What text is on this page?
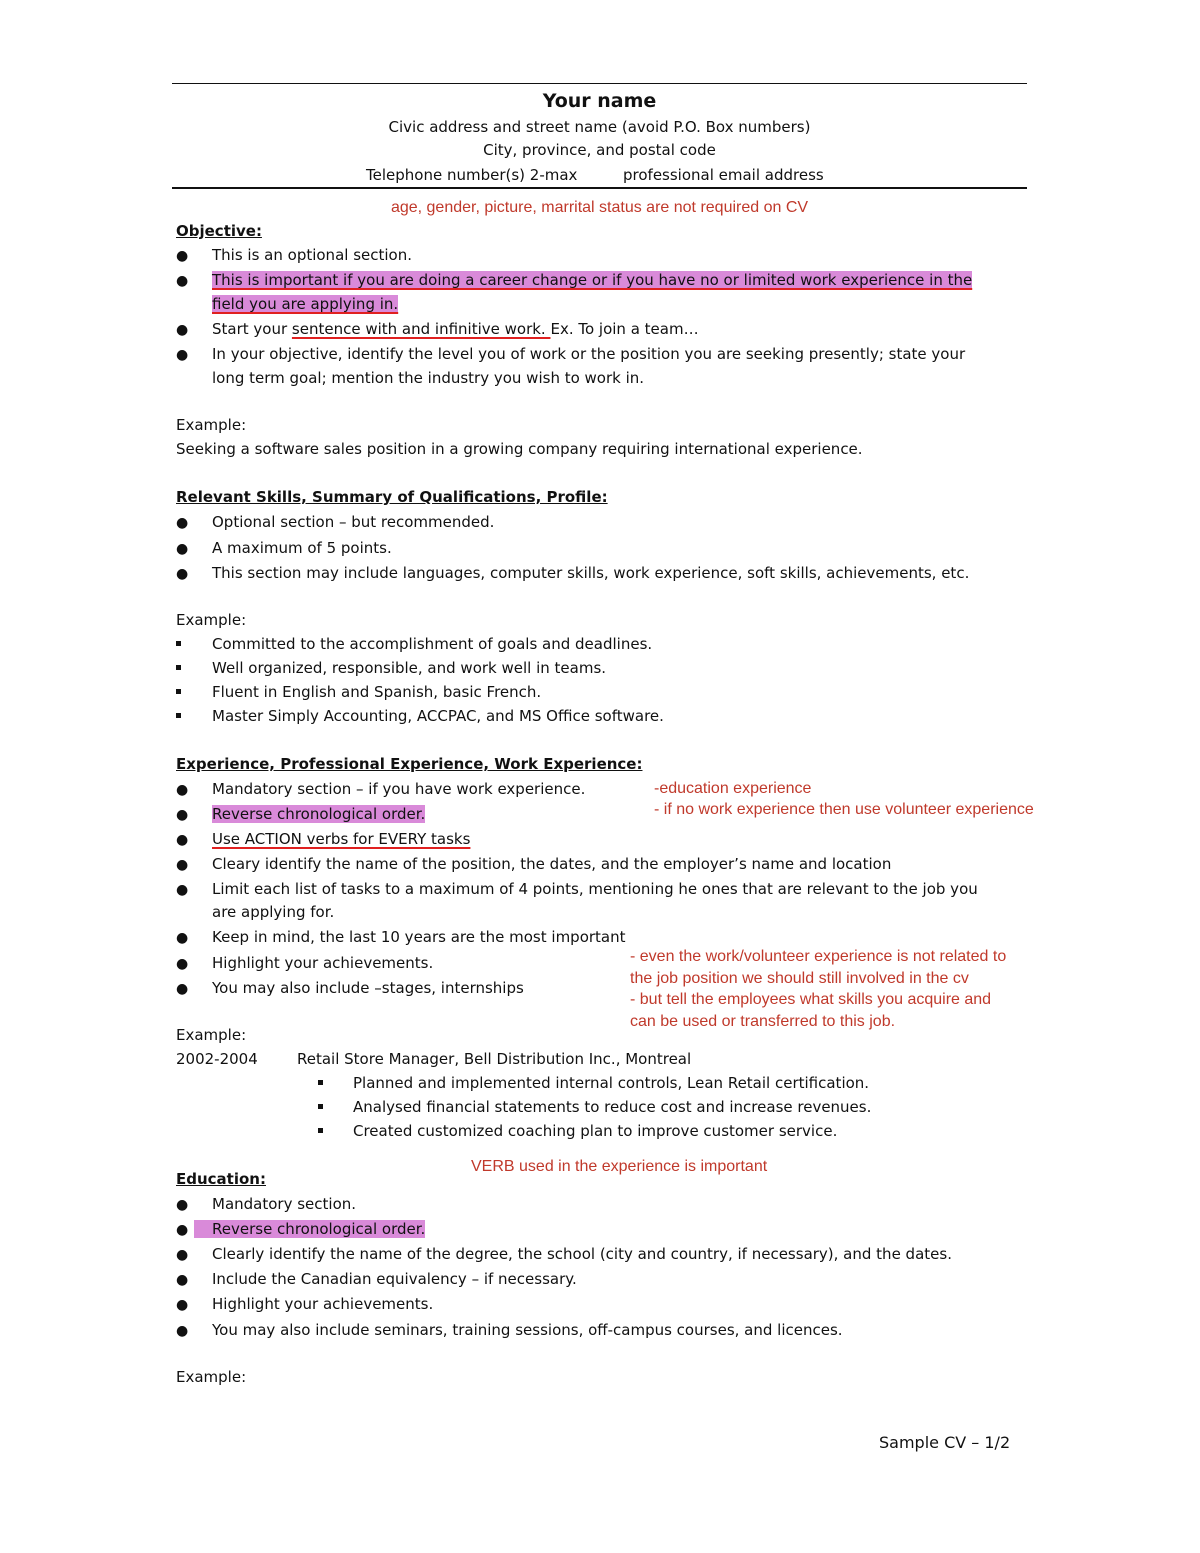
Your name
Civic address and street name (avoid P.O. Box numbers)
City, province, and postal code
Telephone number(s) 2-max	professional email address
age, gender, picture, marrital status are not required on CV
Objective:
● This is an optional section.
● This is important if you are doing a career change or if you have no or limited work experience in the
field you are applying in.
● Start your sentence with and infinitive work. Ex. To join a team…
● In your objective, identify the level you of work or the position you are seeking presently; state your
long term goal; mention the industry you wish to work in.
Example:
Seeking a software sales position in a growing company requiring international experience.
Relevant Skills, Summary of Qualifications, Profile:
● Optional section – but recommended.
● A maximum of 5 points.
● This section may include languages, computer skills, work experience, soft skills, achievements, etc.
Example:
Committed to the accomplishment of goals and deadlines.
Well organized, responsible, and work well in teams.
Fluent in English and Spanish, basic French.
Master Simply Accounting, ACCPAC, and MS Office software.
Experience, Professional Experience, Work Experience:
● Mandatory section – if you have work experience.
● Reverse chronological order.
● Use ACTION verbs for EVERY tasks
● Cleary identify the name of the position, the dates, and the employer’s name and location
● Limit each list of tasks to a maximum of 4 points, mentioning he ones that are relevant to the job you
are applying for.
● Keep in mind, the last 10 years are the most important
● Highlight your achievements.
● You may also include –stages, internships
-education experience
- if no work experience then use volunteer experience
- even the work/volunteer experience is not related to
the job position we should still involved in the cv
- but tell the employees what skills you acquire and
can be used or transferred to this job.
Example:
2002-2004	Retail Store Manager, Bell Distribution Inc., Montreal
Planned and implemented internal controls, Lean Retail certification.
Analysed financial statements to reduce cost and increase revenues.
Created customized coaching plan to improve customer service.
VERB used in the experience is important
Education:
● Mandatory section.
● Reverse chronological order.
● Clearly identify the name of the degree, the school (city and country, if necessary), and the dates.
● Include the Canadian equivalency – if necessary.
● Highlight your achievements.
● You may also include seminars, training sessions, off-campus courses, and licences.
Example:
Sample CV – 1/2
